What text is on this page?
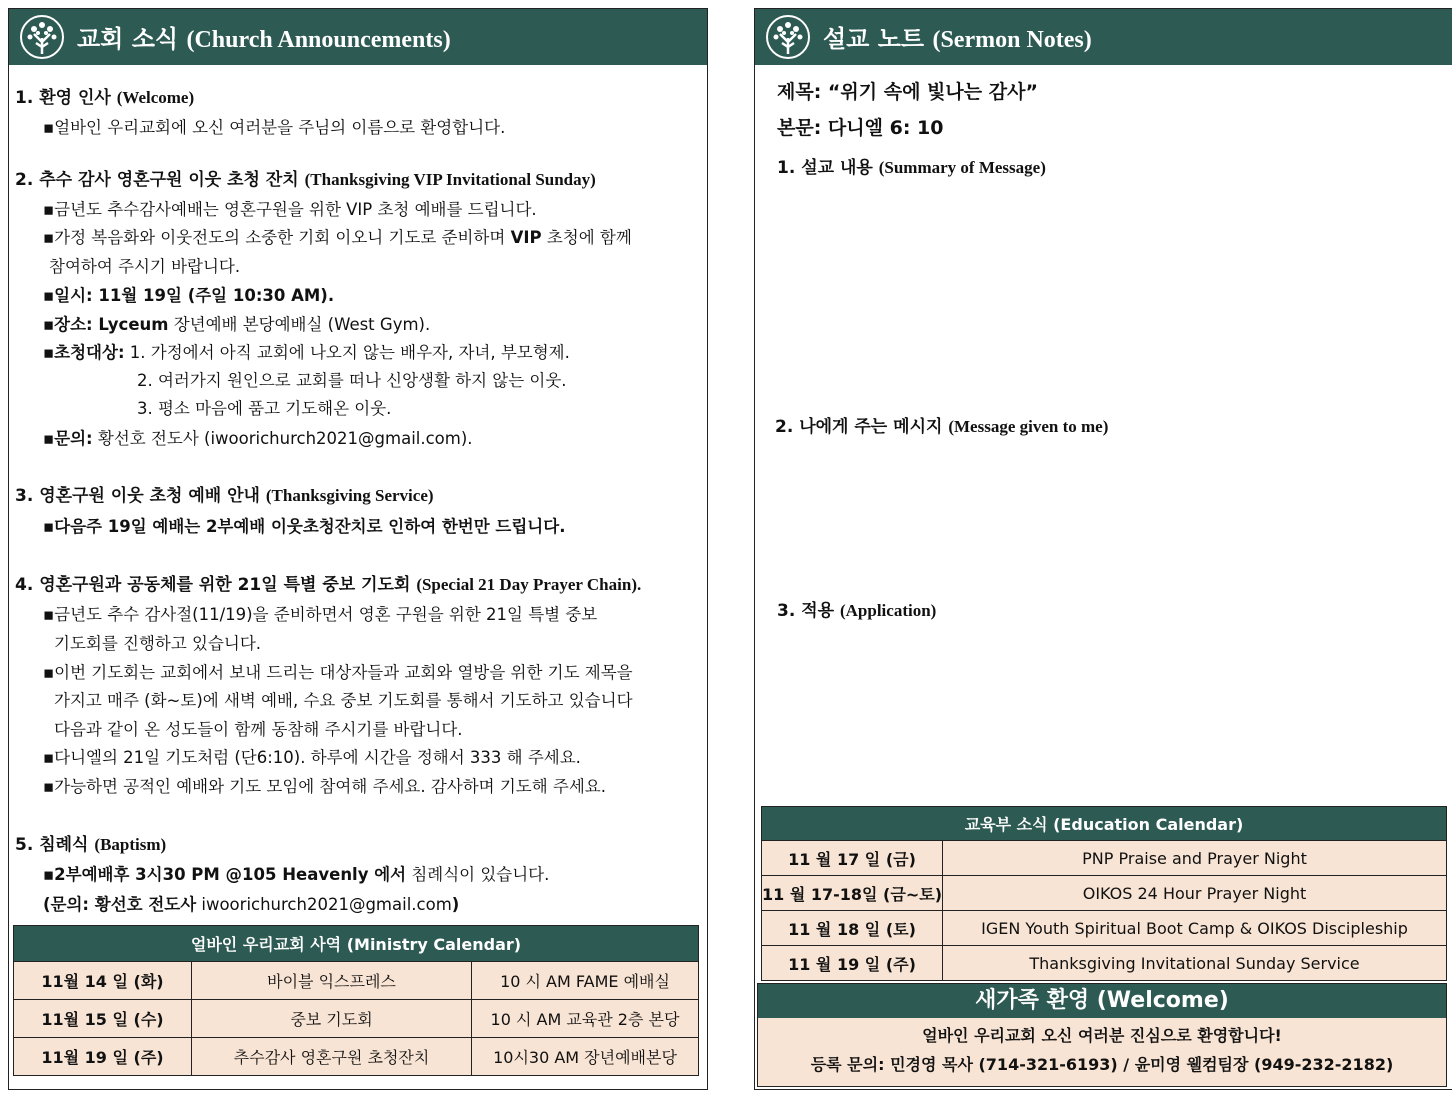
교회 소식 (Church Announcements)
1. 환영 인사 (Welcome)
▪얼바인 우리교회에 오신 여러분을 주님의 이름으로 환영합니다.
2. 추수 감사 영혼구원 이웃 초청 잔치 (Thanksgiving VIP Invitational Sunday)
▪금년도 추수감사예배는 영혼구원을 위한 VIP 초청 예배를 드립니다.
▪가정 복음화와 이웃전도의 소중한 기회 이오니 기도로 준비하며 VIP 초청에 함께
참여하여 주시기 바랍니다.
▪일시: 11월 19일 (주일 10:30 AM).
▪장소: Lyceum 장년예배 본당예배실 (West Gym).
▪초청대상: 1. 가정에서 아직 교회에 나오지 않는 배우자, 자녀, 부모형제.
2. 여러가지 원인으로 교회를 떠나 신앙생활 하지 않는 이웃.
3. 평소 마음에 품고 기도해온 이웃.
▪문의: 황선호 전도사 (iwoorichurch2021@gmail.com).
3. 영혼구원 이웃 초청 예배 안내 (Thanksgiving Service)
▪다음주 19일 예배는 2부예배 이웃초청잔치로 인하여 한번만 드립니다.
4. 영혼구원과 공동체를 위한 21일 특별 중보 기도회 (Special 21 Day Prayer Chain).
▪금년도 추수 감사절(11/19)을 준비하면서 영혼 구원을 위한 21일 특별 중보
기도회를 진행하고 있습니다.
▪이번 기도회는 교회에서 보내 드리는 대상자들과 교회와 열방을 위한 기도 제목을
가지고 매주 (화~토)에 새벽 예배, 수요 중보 기도회를 통해서 기도하고 있습니다
다음과 같이 온 성도들이 함께 동참해 주시기를 바랍니다.
▪다니엘의 21일 기도처럼 (단6:10). 하루에 시간을 정해서 333 해 주세요.
▪가능하면 공적인 예배와 기도 모임에 참여해 주세요. 감사하며 기도해 주세요.
5. 침례식 (Baptism)
▪2부예배후 3시30 PM @105 Heavenly 에서 침례식이 있습니다.
(문의: 황선호 전도사 iwoorichurch2021@gmail.com)
얼바인 우리교회 사역 (Ministry Calendar)		
11월 14 일 (화)	바이블 익스프레스	10 시 AM FAME 예배실
11월 15 일 (수)	중보 기도회	10 시 AM 교육관 2층 본당
11월 19 일 (주)	추수감사 영혼구원 초청잔치	10시30 AM 장년예배본당
설교 노트 (Sermon Notes)
제목: “위기 속에 빛나는 감사”
본문: 다니엘 6: 10
1. 설교 내용 (Summary of Message)
2. 나에게 주는 메시지 (Message given to me)
3. 적용 (Application)
교육부 소식 (Education Calendar)	
11 월 17 일 (금)	PNP Praise and Prayer Night
11 월 17-18일 (금~토)	OIKOS 24 Hour Prayer Night
11 월 18 일 (토)	IGEN Youth Spiritual Boot Camp & OIKOS Discipleship
11 월 19 일 (주)	Thanksgiving Invitational Sunday Service
새가족 환영 (Welcome)
얼바인 우리교회 오신 여러분 진심으로 환영합니다!
등록 문의: 민경영 목사 (714-321-6193) / 윤미영 웰컴팀장 (949-232-2182)
